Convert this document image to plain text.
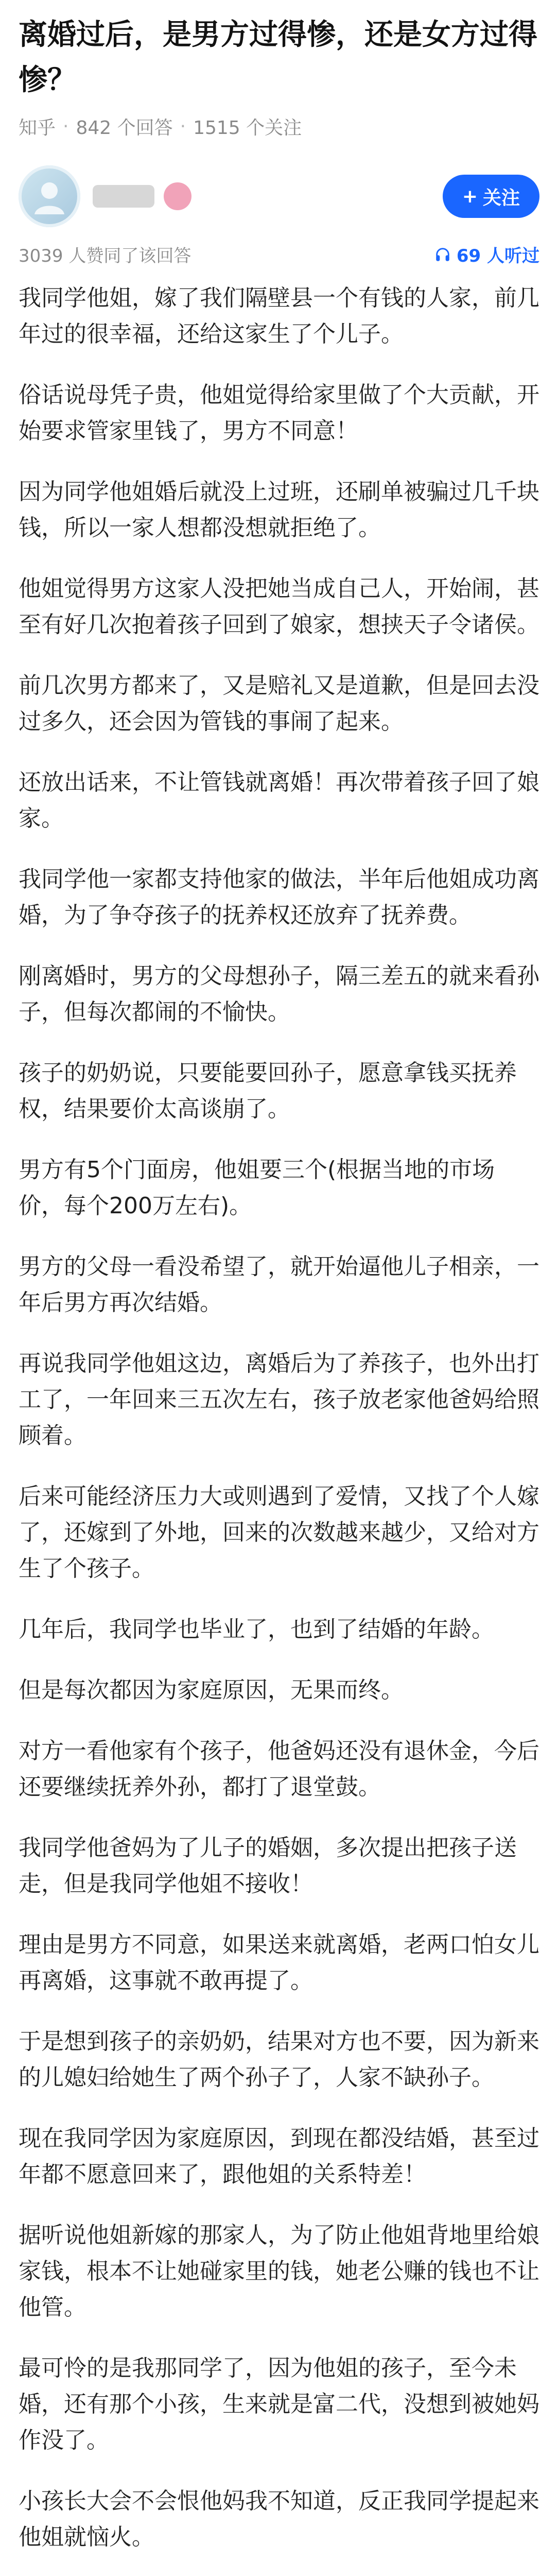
离婚过后，是男方过得惨，还是女方过得惨？
知乎 · 842 个回答 · 1515 个关注
+ 关注
3039 人赞同了该回答	69 人听过

我同学他姐，嫁了我们隔壁县一个有钱的人家，前几年过的很幸福，还给这家生了个儿子。

俗话说母凭子贵，他姐觉得给家里做了个大贡献，开始要求管家里钱了，男方不同意！

因为同学他姐婚后就没上过班，还刷单被骗过几千块钱，所以一家人想都没想就拒绝了。

他姐觉得男方这家人没把她当成自己人，开始闹，甚至有好几次抱着孩子回到了娘家，想挟天子令诸侯。

前几次男方都来了，又是赔礼又是道歉，但是回去没过多久，还会因为管钱的事闹了起来。

还放出话来，不让管钱就离婚！再次带着孩子回了娘家。

我同学他一家都支持他家的做法，半年后他姐成功离婚，为了争夺孩子的抚养权还放弃了抚养费。

刚离婚时，男方的父母想孙子，隔三差五的就来看孙子，但每次都闹的不愉快。

孩子的奶奶说，只要能要回孙子，愿意拿钱买抚养权，结果要价太高谈崩了。

男方有5个门面房，他姐要三个(根据当地的市场价，每个200万左右)。

男方的父母一看没希望了，就开始逼他儿子相亲，一年后男方再次结婚。

再说我同学他姐这边，离婚后为了养孩子，也外出打工了，一年回来三五次左右，孩子放老家他爸妈给照顾着。

后来可能经济压力大或则遇到了爱情，又找了个人嫁了，还嫁到了外地，回来的次数越来越少，又给对方生了个孩子。

几年后，我同学也毕业了，也到了结婚的年龄。

但是每次都因为家庭原因，无果而终。

对方一看他家有个孩子，他爸妈还没有退休金，今后还要继续抚养外孙，都打了退堂鼓。

我同学他爸妈为了儿子的婚姻，多次提出把孩子送走，但是我同学他姐不接收！

理由是男方不同意，如果送来就离婚，老两口怕女儿再离婚，这事就不敢再提了。

于是想到孩子的亲奶奶，结果对方也不要，因为新来的儿媳妇给她生了两个孙子了，人家不缺孙子。

现在我同学因为家庭原因，到现在都没结婚，甚至过年都不愿意回来了，跟他姐的关系特差！

据听说他姐新嫁的那家人，为了防止他姐背地里给娘家钱，根本不让她碰家里的钱，她老公赚的钱也不让他管。

最可怜的是我那同学了，因为他姐的孩子，至今未婚，还有那个小孩，生来就是富二代，没想到被她妈作没了。

小孩长大会不会恨他妈我不知道，反正我同学提起来他姐就恼火。
